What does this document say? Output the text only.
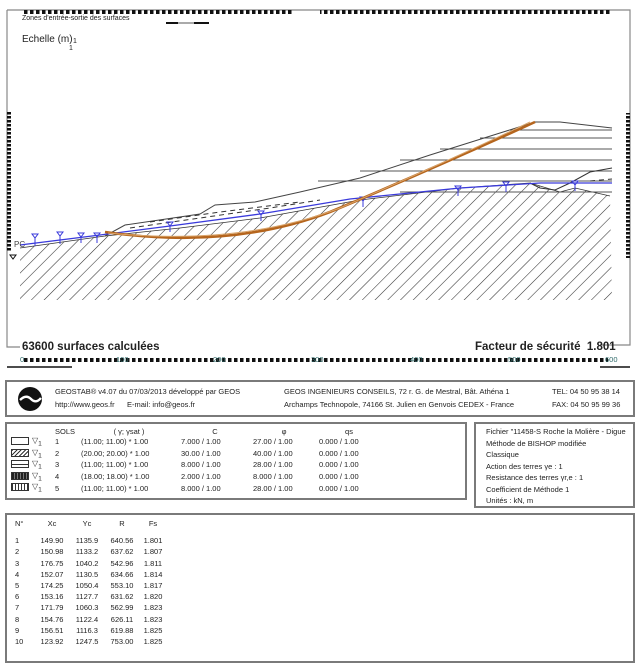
Zones d'entrée-sortie des surfaces
Echelle (m) 1
1
PC
63600 surfaces calculées	Facteur de sécurité 1.801
0	100	200	300	400	500	600
GEOSTAB® v4.07 du 07/03/2013 développé par GEOS
http://www.geos.fr E-mail: info@geos.fr
GEOS INGENIEURS CONSEILS, 72 r. G. de Mestral, Bât. Athéna 1
Archamps Technopole, 74166 St. Julien en Genvois CEDEX - France
TEL: 04 50 95 38 14
FAX: 04 50 95 99 36
	SOLS	( γ; γsat )	C	φ	qs
$▽_1$	1	(11.00; 11.00) * 1.00	7.000 / 1.00	27.00 / 1.00	0.000 / 1.00
$▽_1$	2	(20.00; 20.00) * 1.00	30.00 / 1.00	40.00 / 1.00	0.000 / 1.00
$▽_1$	3	(11.00; 11.00) * 1.00	8.000 / 1.00	28.00 / 1.00	0.000 / 1.00
$▽_1$	4	(18.00; 18.00) * 1.00	2.000 / 1.00	8.000 / 1.00	0.000 / 1.00
$▽_1$	5	(11.00; 11.00) * 1.00	8.000 / 1.00	28.00 / 1.00	0.000 / 1.00
Fichier "11458-S Roche la Molière - Digue
Méthode de BISHOP modifiée
Classique
Action des terres γe : 1
Resistance des terres γr,e : 1
Coefficient de Méthode 1
Unités : kN, m
N°	Xc	Yc	R	Fs

1	149.90	1135.9	640.56	1.801
2	150.98	1133.2	637.62	1.807
3	176.75	1040.2	542.96	1.811
4	152.07	1130.5	634.66	1.814
5	174.25	1050.4	553.10	1.817
6	153.16	1127.7	631.62	1.820
7	171.79	1060.3	562.99	1.823
8	154.76	1122.4	626.11	1.823
9	156.51	1116.3	619.88	1.825
10	123.92	1247.5	753.00	1.825
